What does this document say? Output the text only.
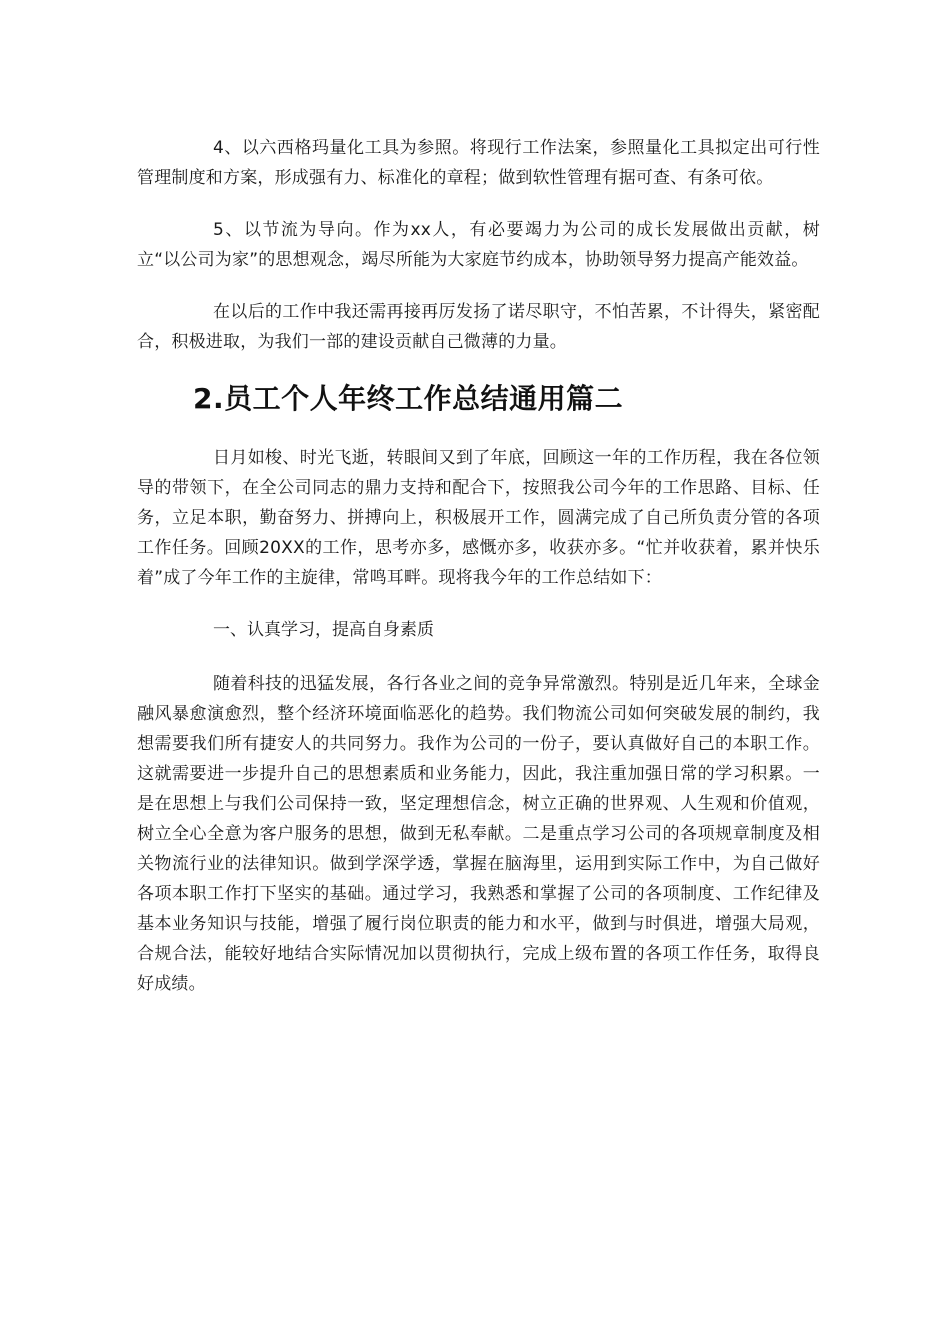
4、以六西格玛量化工具为参照。将现行工作法案，参照量化工具拟定出可行性管理制度和方案，形成强有力、标准化的章程；做到软性管理有据可查、有条可依。

5、以节流为导向。作为xx人，有必要竭力为公司的成长发展做出贡献，树立“以公司为家”的思想观念，竭尽所能为大家庭节约成本，协助领导努力提高产能效益。

在以后的工作中我还需再接再厉发扬了诺尽职守，不怕苦累，不计得失，紧密配合，积极进取，为我们一部的建设贡献自己微薄的力量。

2.员工个人年终工作总结通用篇二

日月如梭、时光飞逝，转眼间又到了年底，回顾这一年的工作历程，我在各位领导的带领下，在全公司同志的鼎力支持和配合下，按照我公司今年的工作思路、目标、任务，立足本职，勤奋努力、拼搏向上，积极展开工作，圆满完成了自己所负责分管的各项工作任务。回顾20XX的工作，思考亦多，感慨亦多，收获亦多。“忙并收获着，累并快乐着”成了今年工作的主旋律，常鸣耳畔。现将我今年的工作总结如下：

一、认真学习，提高自身素质

随着科技的迅猛发展，各行各业之间的竞争异常激烈。特别是近几年来，全球金融风暴愈演愈烈，整个经济环境面临恶化的趋势。我们物流公司如何突破发展的制约，我想需要我们所有捷安人的共同努力。我作为公司的一份子，要认真做好自己的本职工作。这就需要进一步提升自己的思想素质和业务能力，因此，我注重加强日常的学习积累。一是在思想上与我们公司保持一致，坚定理想信念，树立正确的世界观、人生观和价值观，树立全心全意为客户服务的思想，做到无私奉献。二是重点学习公司的各项规章制度及相关物流行业的法律知识。做到学深学透，掌握在脑海里，运用到实际工作中，为自己做好各项本职工作打下坚实的基础。通过学习，我熟悉和掌握了公司的各项制度、工作纪律及基本业务知识与技能，增强了履行岗位职责的能力和水平，做到与时俱进，增强大局观，合规合法，能较好地结合实际情况加以贯彻执行，完成上级布置的各项工作任务，取得良好成绩。
